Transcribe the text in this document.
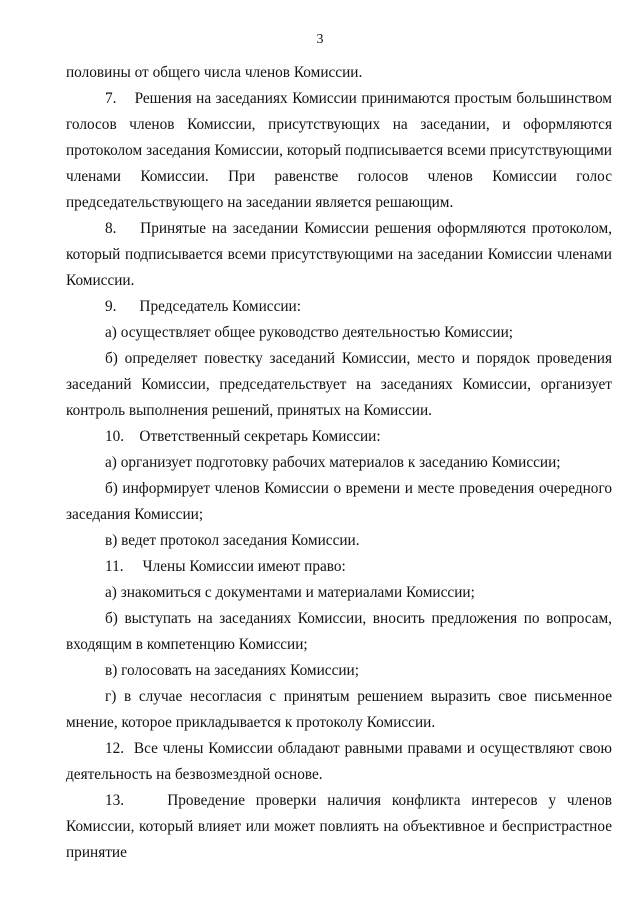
3

половины от общего числа членов Комиссии.

7.    Решения на заседаниях Комиссии принимаются простым большинством голосов членов Комиссии, присутствующих на заседании, и оформляются протоколом заседания Комиссии, который подписывается всеми присутствующими членами Комиссии. При равенстве голосов членов Комиссии голос председательствующего на заседании является решающим.

8.    Принятые на заседании Комиссии решения оформляются протоколом, который подписывается всеми присутствующими на заседании Комиссии членами Комиссии.

9.      Председатель Комиссии:

а) осуществляет общее руководство деятельностью Комиссии;

б) определяет повестку заседаний Комиссии, место и порядок проведения заседаний Комиссии, председательствует на заседаниях Комиссии, организует контроль выполнения решений, принятых на Комиссии.

10.    Ответственный секретарь Комиссии:

а) организует подготовку рабочих материалов к заседанию Комиссии;

б) информирует членов Комиссии о времени и месте проведения очередного заседания Комиссии;

в) ведет протокол заседания Комиссии.

11.     Члены Комиссии имеют право:

а) знакомиться с документами и материалами Комиссии;

б) выступать на заседаниях Комиссии, вносить предложения по вопросам, входящим в компетенцию Комиссии;

в) голосовать на заседаниях Комиссии;

г) в случае несогласия с принятым решением выразить свое письменное мнение, которое прикладывается к протоколу Комиссии.

12.  Все члены Комиссии обладают равными правами и осуществляют свою деятельность на безвозмездной основе.

13.    Проведение проверки наличия конфликта интересов у членов Комиссии, который влияет или может повлиять на объективное и беспристрастное принятие
